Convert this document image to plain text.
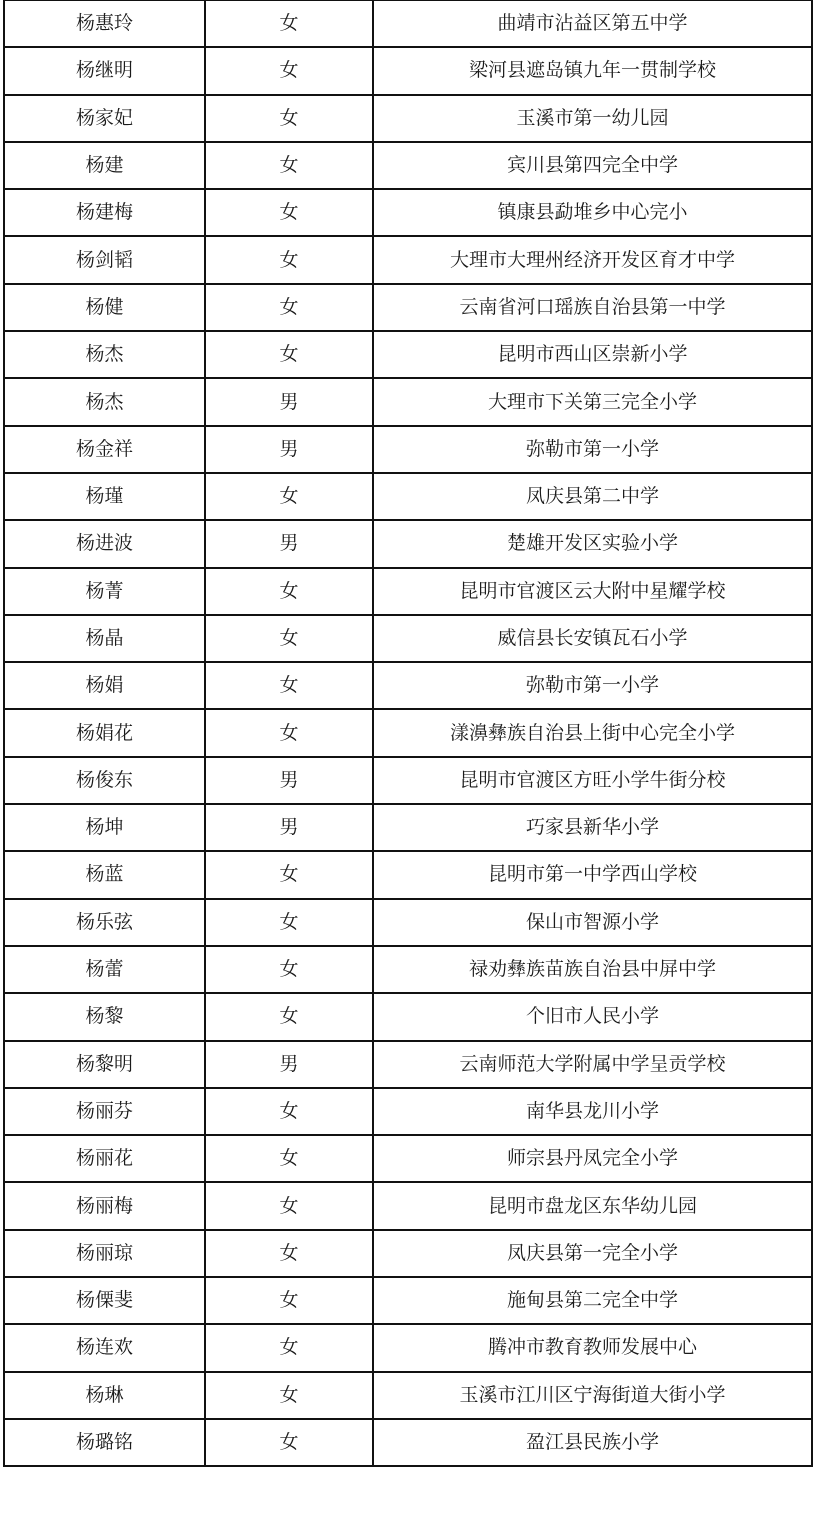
杨惠玲	女	曲靖市沾益区第五中学
杨继明	女	梁河县遮岛镇九年一贯制学校
杨家妃	女	玉溪市第一幼儿园
杨建	女	宾川县第四完全中学
杨建梅	女	镇康县勐堆乡中心完小
杨剑韬	女	大理市大理州经济开发区育才中学
杨健	女	云南省河口瑶族自治县第一中学
杨杰	女	昆明市西山区崇新小学
杨杰	男	大理市下关第三完全小学
杨金祥	男	弥勒市第一小学
杨瑾	女	凤庆县第二中学
杨进波	男	楚雄开发区实验小学
杨菁	女	昆明市官渡区云大附中星耀学校
杨晶	女	威信县长安镇瓦石小学
杨娟	女	弥勒市第一小学
杨娟花	女	漾濞彝族自治县上街中心完全小学
杨俊东	男	昆明市官渡区方旺小学牛街分校
杨坤	男	巧家县新华小学
杨蓝	女	昆明市第一中学西山学校
杨乐弦	女	保山市智源小学
杨蕾	女	禄劝彝族苗族自治县中屏中学
杨黎	女	个旧市人民小学
杨黎明	男	云南师范大学附属中学呈贡学校
杨丽芬	女	南华县龙川小学
杨丽花	女	师宗县丹凤完全小学
杨丽梅	女	昆明市盘龙区东华幼儿园
杨丽琼	女	凤庆县第一完全小学
杨傈斐	女	施甸县第二完全中学
杨连欢	女	腾冲市教育教师发展中心
杨琳	女	玉溪市江川区宁海街道大街小学
杨璐铭	女	盈江县民族小学
